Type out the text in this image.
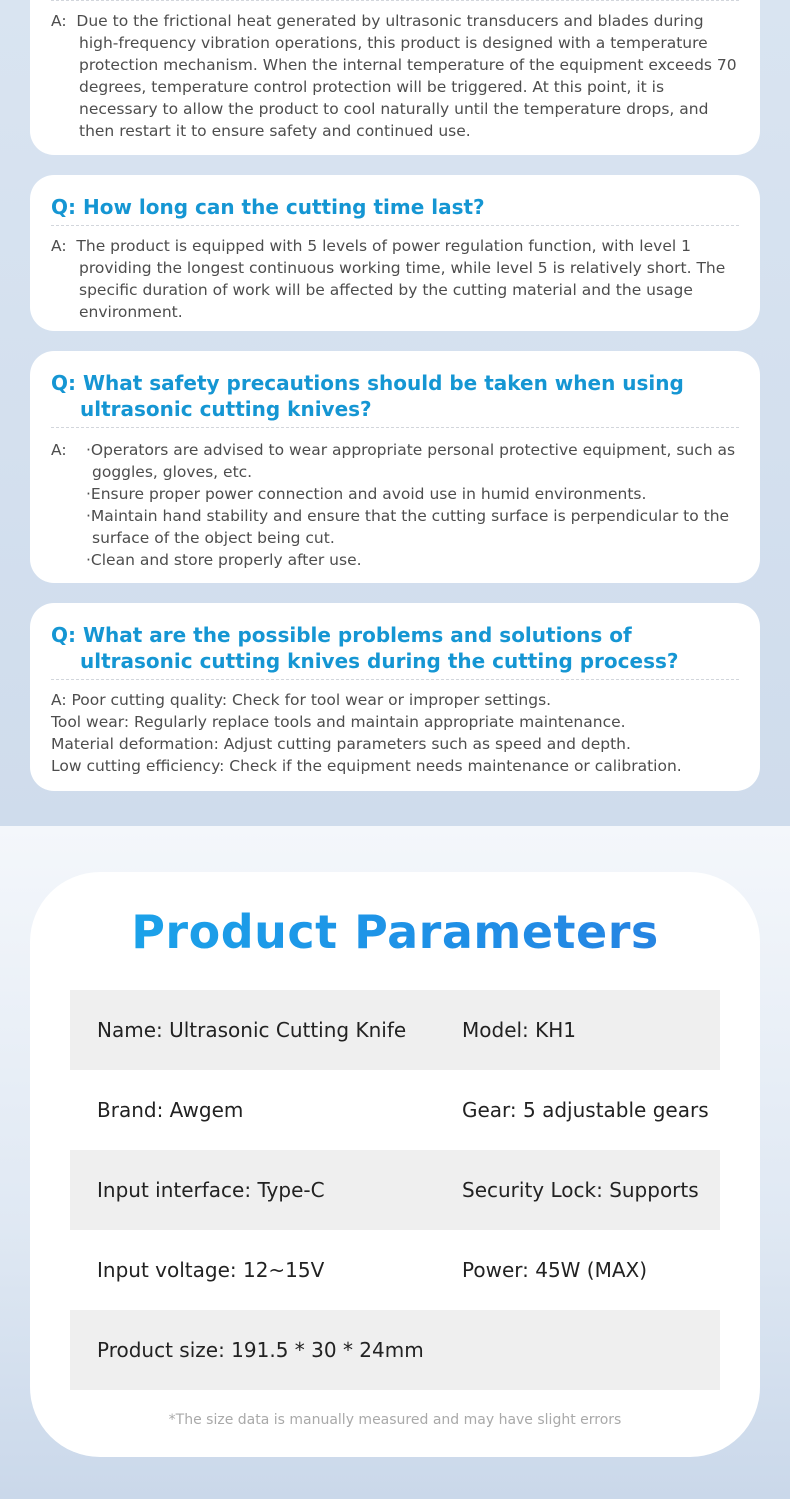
A: Due to the frictional heat generated by ultrasonic transducers and blades during high-frequency vibration operations, this product is designed with a temperature protection mechanism. When the internal temperature of the equipment exceeds 70 degrees, temperature control protection will be triggered. At this point, it is necessary to allow the product to cool naturally until the temperature drops, and then restart it to ensure safety and continued use.
Q: How long can the cutting time last?
A: The product is equipped with 5 levels of power regulation function, with level 1 providing the longest continuous working time, while level 5 is relatively short. The specific duration of work will be affected by the cutting material and the usage environment.
Q: What safety precautions should be taken when using ultrasonic cutting knives?
A: ·Operators are advised to wear appropriate personal protective equipment, such as goggles, gloves, etc.
·Ensure proper power connection and avoid use in humid environments.
·Maintain hand stability and ensure that the cutting surface is perpendicular to the surface of the object being cut.
·Clean and store properly after use.
Q: What are the possible problems and solutions of ultrasonic cutting knives during the cutting process?
A: Poor cutting quality: Check for tool wear or improper settings.
Tool wear: Regularly replace tools and maintain appropriate maintenance.
Material deformation: Adjust cutting parameters such as speed and depth.
Low cutting efficiency: Check if the equipment needs maintenance or calibration.
Product Parameters
Name: Ultrasonic Cutting Knife	Model: KH1
Brand: Awgem	Gear: 5 adjustable gears
Input interface: Type-C	Security Lock: Supports
Input voltage: 12~15V	Power: 45W (MAX)
Product size: 191.5 * 30 * 24mm
*The size data is manually measured and may have slight errors
